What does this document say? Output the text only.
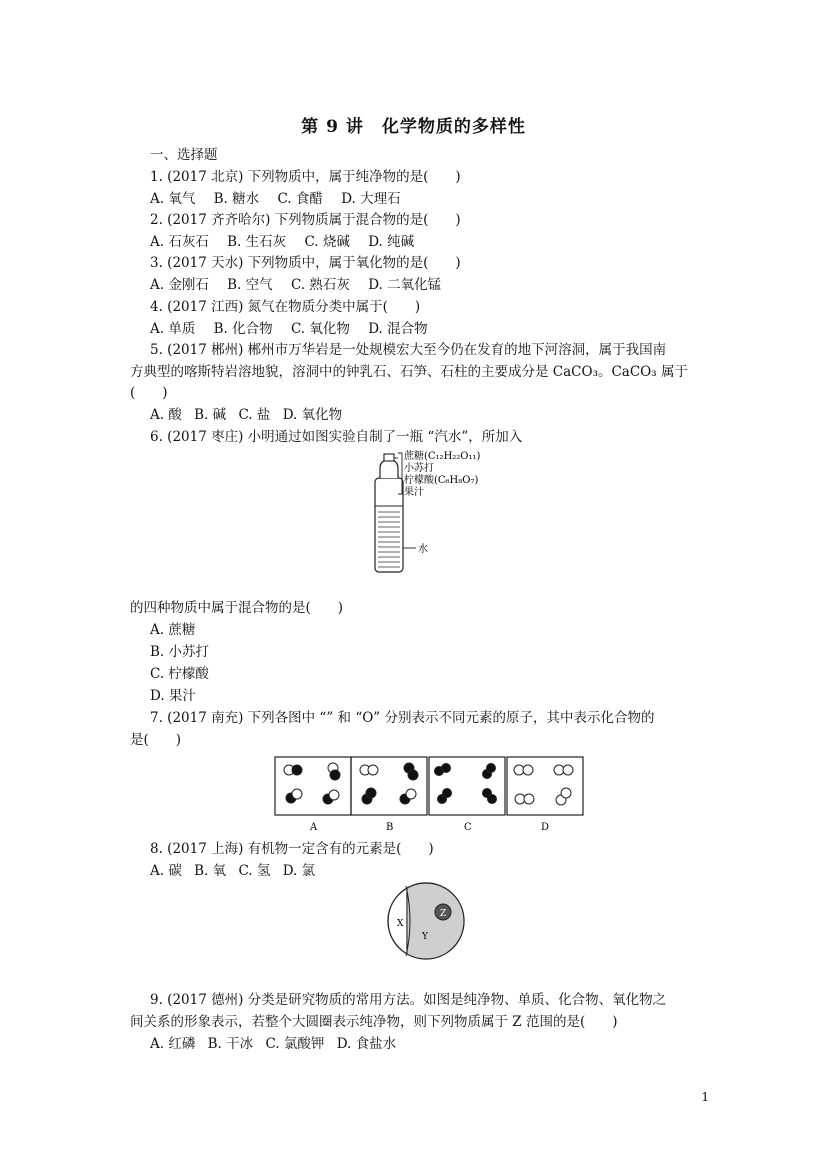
第 9 讲　化学物质的多样性
一、选择题
1. (2017 北京) 下列物质中，属于纯净物的是(　　)
A. 氧气 B. 糖水 C. 食醋 D. 大理石
2. (2017 齐齐哈尔) 下列物质属于混合物的是(　　)
A. 石灰石 B. 生石灰 C. 烧碱 D. 纯碱
3. (2017 天水) 下列物质中，属于氧化物的是(　　)
A. 金刚石 B. 空气 C. 熟石灰 D. 二氧化锰
4. (2017 江西) 氮气在物质分类中属于(　　)
A. 单质 B. 化合物 C. 氧化物 D. 混合物
5. (2017 郴州) 郴州市万华岩是一处规模宏大至今仍在发育的地下河溶洞，属于我国南
方典型的喀斯特岩溶地貌，溶洞中的钟乳石、石笋、石柱的主要成分是 CaCO₃。CaCO₃ 属于
(　　)
A. 酸 B. 碱 C. 盐 D. 氧化物
6. (2017 枣庄) 小明通过如图实验自制了一瓶 “汽水”，所加入
蔗糖(C₁₂H₂₂O₁₁)
小苏打
柠檬酸(C₆H₈O₇)
果汁
水
的四种物质中属于混合物的是(　　)
A. 蔗糖
B. 小苏打
C. 柠檬酸
D. 果汁
7. (2017 南充) 下列各图中 “” 和 “O” 分别表示不同元素的原子，其中表示化合物的
是(　　)
A	B	C	D
8. (2017 上海) 有机物一定含有的元素是(　　)
A. 碳 B. 氧 C. 氢 D. 氯
X
Y
Z
9. (2017 德州) 分类是研究物质的常用方法。如图是纯净物、单质、化合物、氧化物之
间关系的形象表示，若整个大圆圈表示纯净物，则下列物质属于 Z 范围的是(　　)
A. 红磷 B. 干冰 C. 氯酸钾 D. 食盐水
1
